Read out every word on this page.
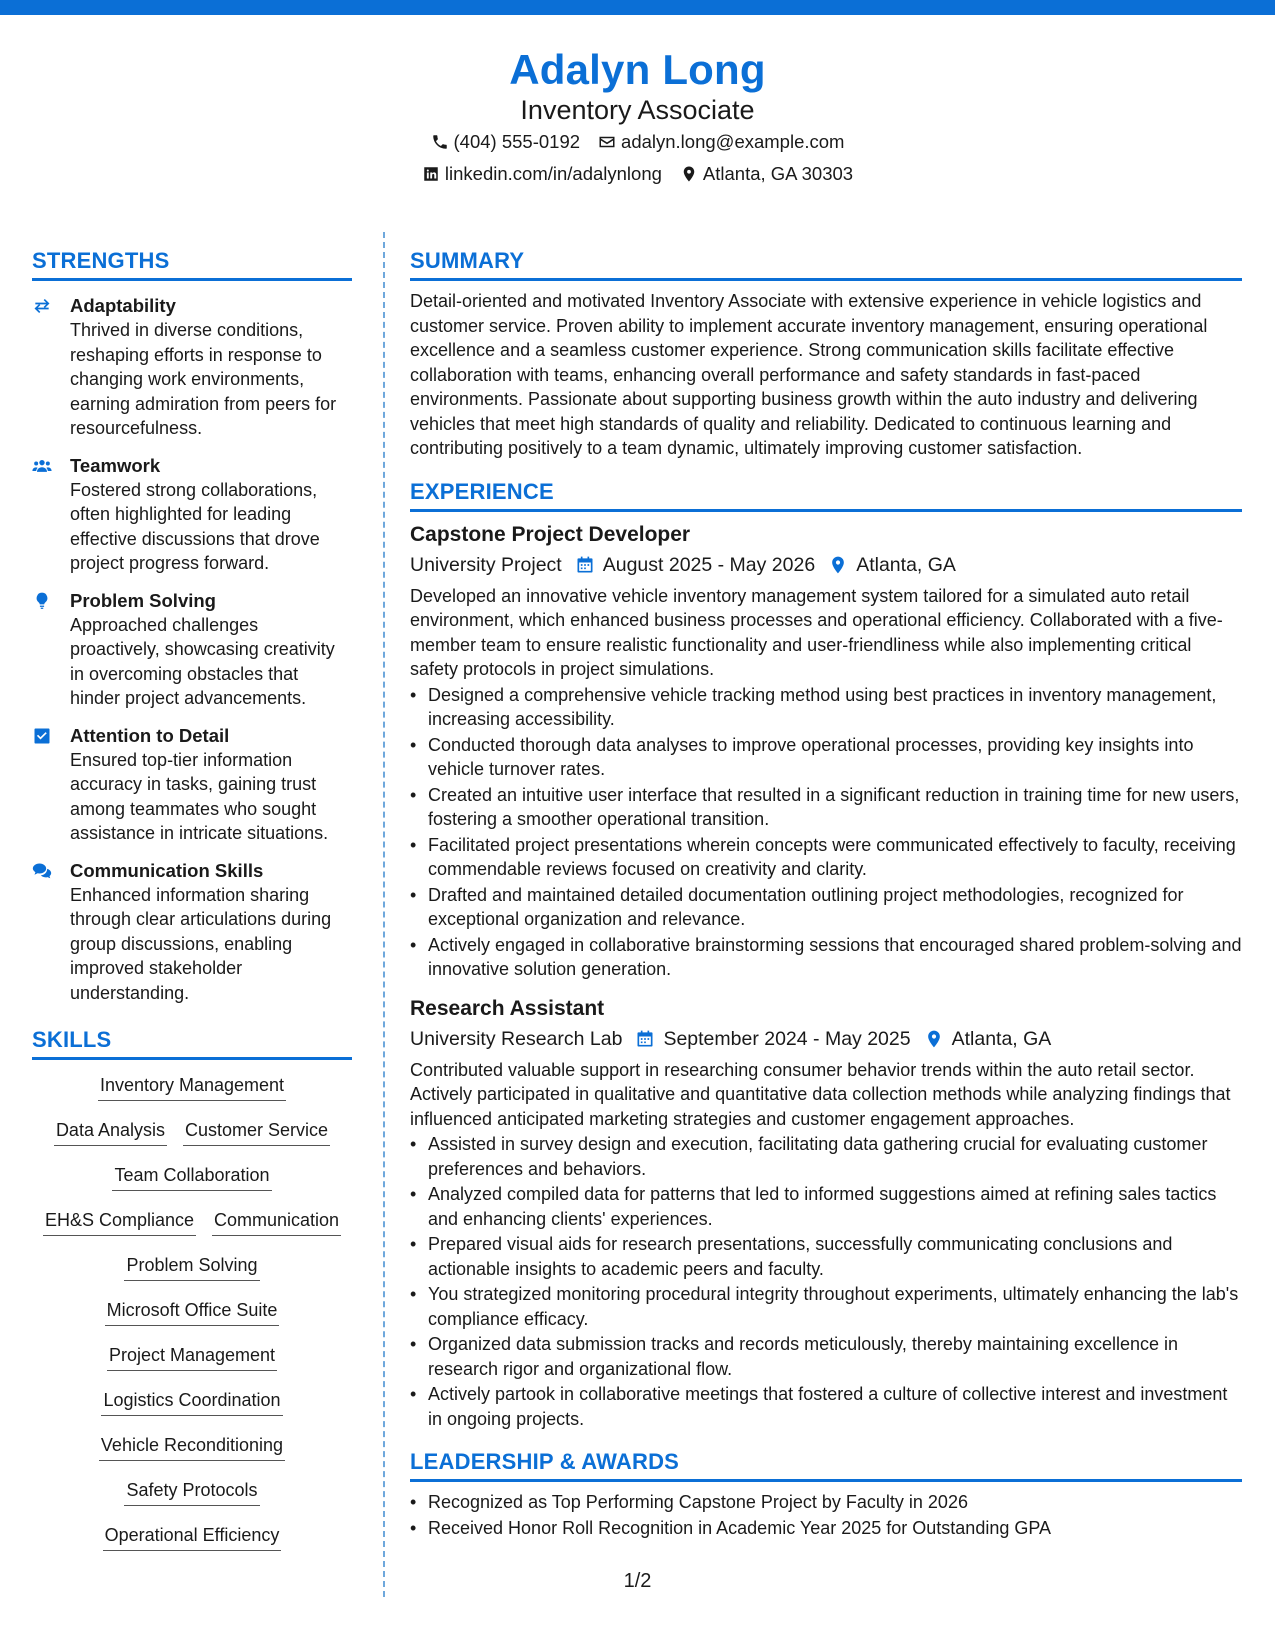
Adalyn Long
Inventory Associate
(404) 555-0192 adalyn.long@example.com
linkedin.com/in/adalynlong Atlanta, GA 30303
STRENGTHS
Adaptability
Thrived in diverse conditions, reshaping efforts in response to changing work environments, earning admiration from peers for resourcefulness.
Teamwork
Fostered strong collaborations, often highlighted for leading effective discussions that drove project progress forward.
Problem Solving
Approached challenges proactively, showcasing creativity in overcoming obstacles that hinder project advancements.
Attention to Detail
Ensured top-tier information accuracy in tasks, gaining trust among teammates who sought assistance in intricate situations.
Communication Skills
Enhanced information sharing through clear articulations during group discussions, enabling improved stakeholder understanding.
SKILLS
Inventory Management
Data Analysis Customer Service
Team Collaboration
EH&S Compliance Communication
Problem Solving
Microsoft Office Suite
Project Management
Logistics Coordination
Vehicle Reconditioning
Safety Protocols
Operational Efficiency
SUMMARY
Detail-oriented and motivated Inventory Associate with extensive experience in vehicle logistics and customer service. Proven ability to implement accurate inventory management, ensuring operational excellence and a seamless customer experience. Strong communication skills facilitate effective collaboration with teams, enhancing overall performance and safety standards in fast-paced environments. Passionate about supporting business growth within the auto industry and delivering vehicles that meet high standards of quality and reliability. Dedicated to continuous learning and contributing positively to a team dynamic, ultimately improving customer satisfaction.
EXPERIENCE
Capstone Project Developer
University Project August 2025 - May 2026 Atlanta, GA
Developed an innovative vehicle inventory management system tailored for a simulated auto retail environment, which enhanced business processes and operational efficiency. Collaborated with a five-member team to ensure realistic functionality and user-friendliness while also implementing critical safety protocols in project simulations.
• Designed a comprehensive vehicle tracking method using best practices in inventory management, increasing accessibility.
• Conducted thorough data analyses to improve operational processes, providing key insights into vehicle turnover rates.
• Created an intuitive user interface that resulted in a significant reduction in training time for new users, fostering a smoother operational transition.
• Facilitated project presentations wherein concepts were communicated effectively to faculty, receiving commendable reviews focused on creativity and clarity.
• Drafted and maintained detailed documentation outlining project methodologies, recognized for exceptional organization and relevance.
• Actively engaged in collaborative brainstorming sessions that encouraged shared problem-solving and innovative solution generation.
Research Assistant
University Research Lab September 2024 - May 2025 Atlanta, GA
Contributed valuable support in researching consumer behavior trends within the auto retail sector. Actively participated in qualitative and quantitative data collection methods while analyzing findings that influenced anticipated marketing strategies and customer engagement approaches.
• Assisted in survey design and execution, facilitating data gathering crucial for evaluating customer preferences and behaviors.
• Analyzed compiled data for patterns that led to informed suggestions aimed at refining sales tactics and enhancing clients' experiences.
• Prepared visual aids for research presentations, successfully communicating conclusions and actionable insights to academic peers and faculty.
• You strategized monitoring procedural integrity throughout experiments, ultimately enhancing the lab's compliance efficacy.
• Organized data submission tracks and records meticulously, thereby maintaining excellence in research rigor and organizational flow.
• Actively partook in collaborative meetings that fostered a culture of collective interest and investment in ongoing projects.
LEADERSHIP & AWARDS
• Recognized as Top Performing Capstone Project by Faculty in 2026
• Received Honor Roll Recognition in Academic Year 2025 for Outstanding GPA
1/2
